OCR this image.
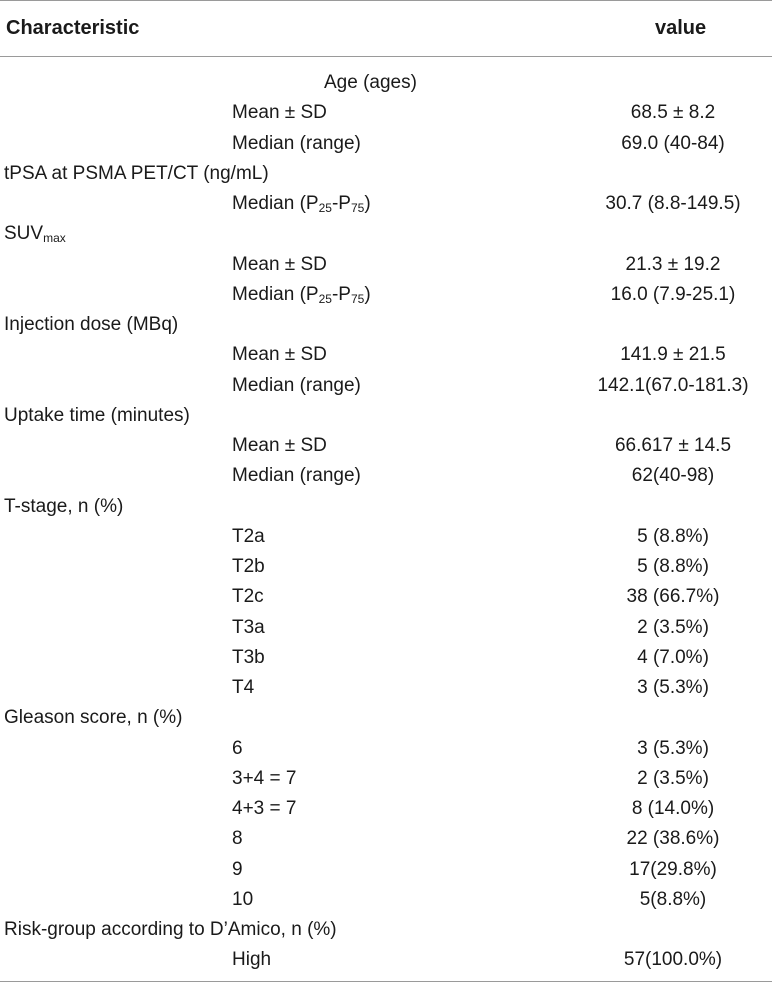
Characteristic	value
Age (ages)
Mean ± SD	68.5 ± 8.2
Median (range)	69.0 (40-84)
tPSA at PSMA PET/CT (ng/mL)
Median $(P_{25}-P_{75})$	30.7 (8.8-149.5)
$SUV_{max}$
Mean ± SD	21.3 ± 19.2
Median $(P_{25}-P_{75})$	16.0 (7.9-25.1)
Injection dose (MBq)
Mean ± SD	141.9 ± 21.5
Median (range)	142.1(67.0-181.3)
Uptake time (minutes)
Mean ± SD	66.617 ± 14.5
Median (range)	62(40-98)
T-stage, n (%)
T2a	5 (8.8%)
T2b	5 (8.8%)
T2c	38 (66.7%)
T3a	2 (3.5%)
T3b	4 (7.0%)
T4	3 (5.3%)
Gleason score, n (%)
6	3 (5.3%)
3+4 = 7	2 (3.5%)
4+3 = 7	8 (14.0%)
8	22 (38.6%)
9	17(29.8%)
10	5(8.8%)
Risk-group according to D’Amico, n (%)
High	57(100.0%)
